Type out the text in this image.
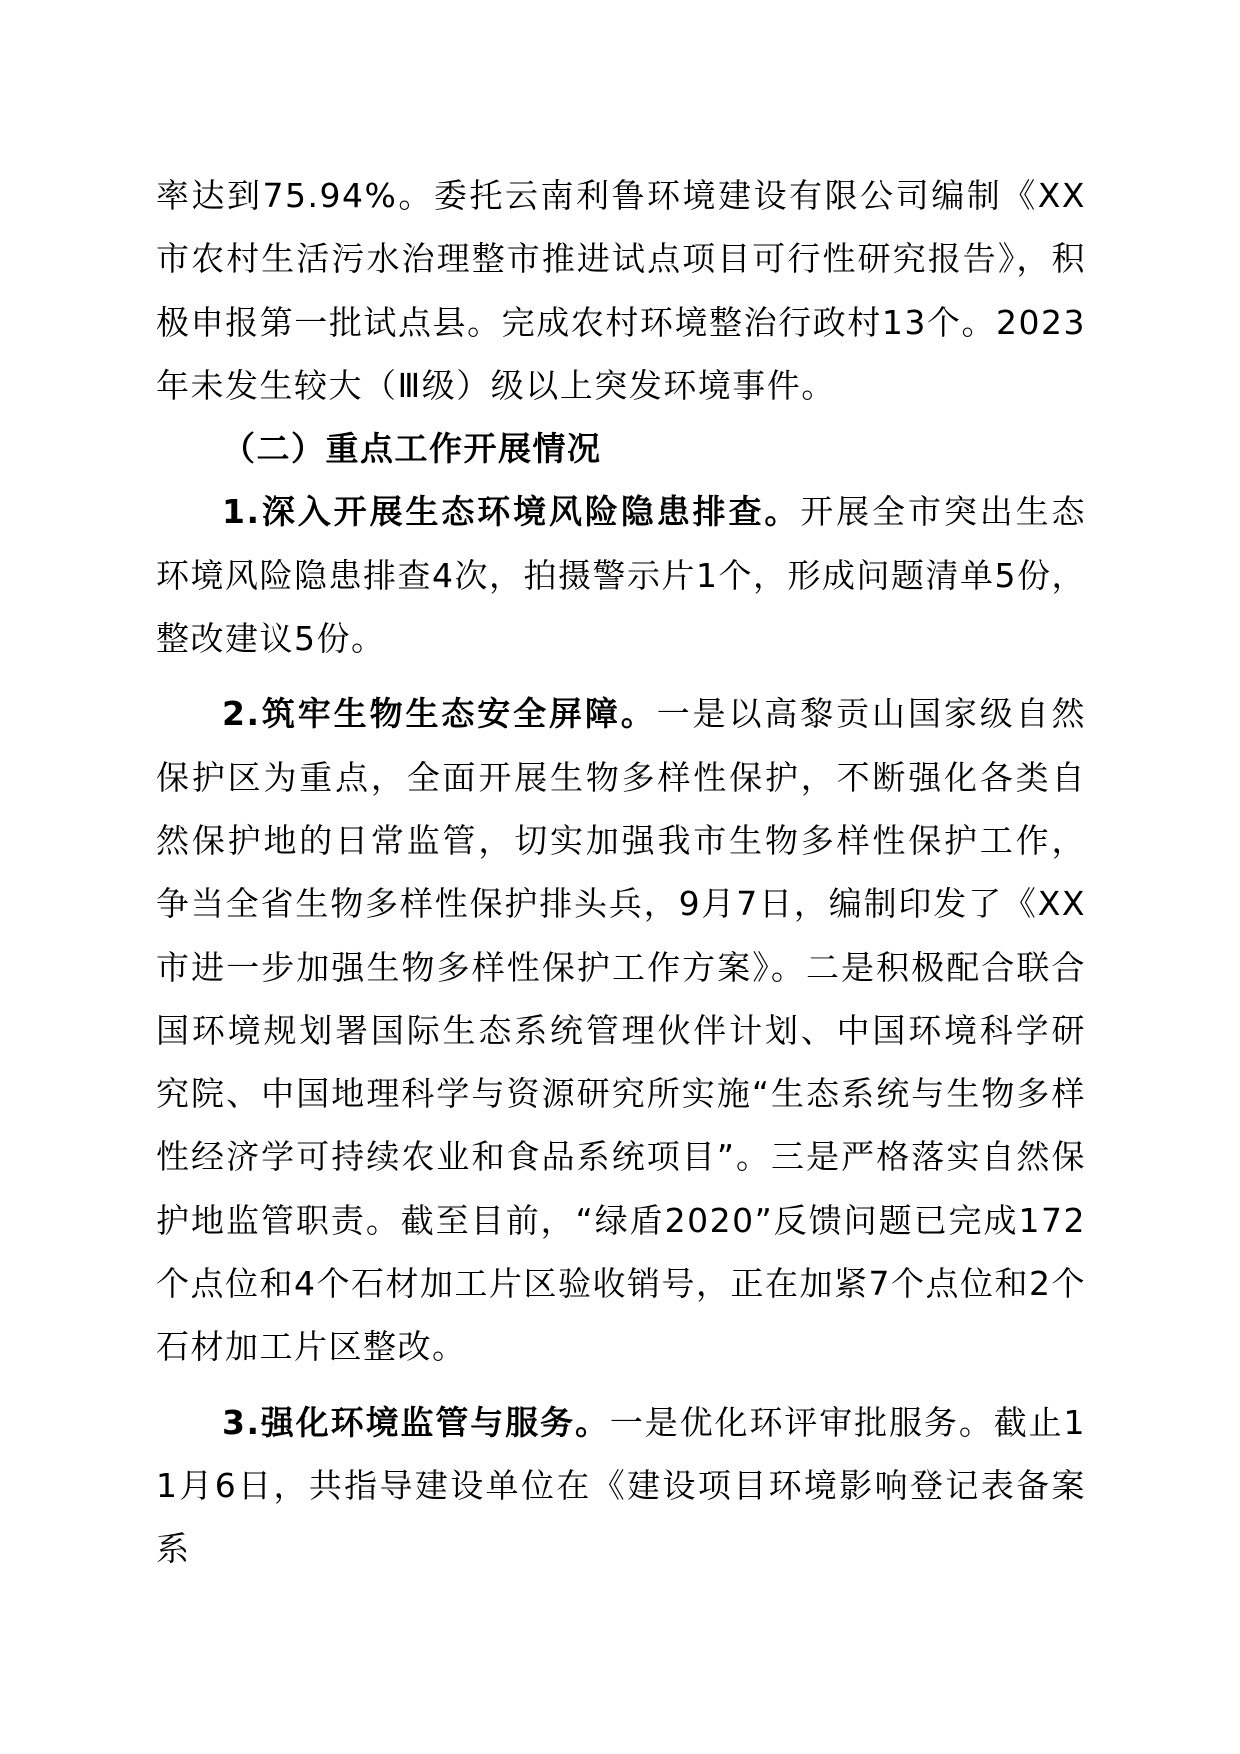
率达到75.94%。委托云南利鲁环境建设有限公司编制《XX市农村生活污水治理整市推进试点项目可行性研究报告》，积极申报第一批试点县。完成农村环境整治行政村13个。2023年未发生较大（Ⅲ级）级以上突发环境事件。

（二）重点工作开展情况

1.深入开展生态环境风险隐患排查。开展全市突出生态环境风险隐患排查4次，拍摄警示片1个，形成问题清单5份，整改建议5份。

2.筑牢生物生态安全屏障。一是以高黎贡山国家级自然保护区为重点，全面开展生物多样性保护，不断强化各类自然保护地的日常监管，切实加强我市生物多样性保护工作，争当全省生物多样性保护排头兵，9月7日，编制印发了《XX市进一步加强生物多样性保护工作方案》。二是积极配合联合国环境规划署国际生态系统管理伙伴计划、中国环境科学研究院、中国地理科学与资源研究所实施“生态系统与生物多样性经济学可持续农业和食品系统项目”。三是严格落实自然保护地监管职责。截至目前，“绿盾2020”反馈问题已完成172个点位和4个石材加工片区验收销号，正在加紧7个点位和2个石材加工片区整改。

3.强化环境监管与服务。一是优化环评审批服务。截止11月6日，共指导建设单位在《建设项目环境影响登记表备案系
